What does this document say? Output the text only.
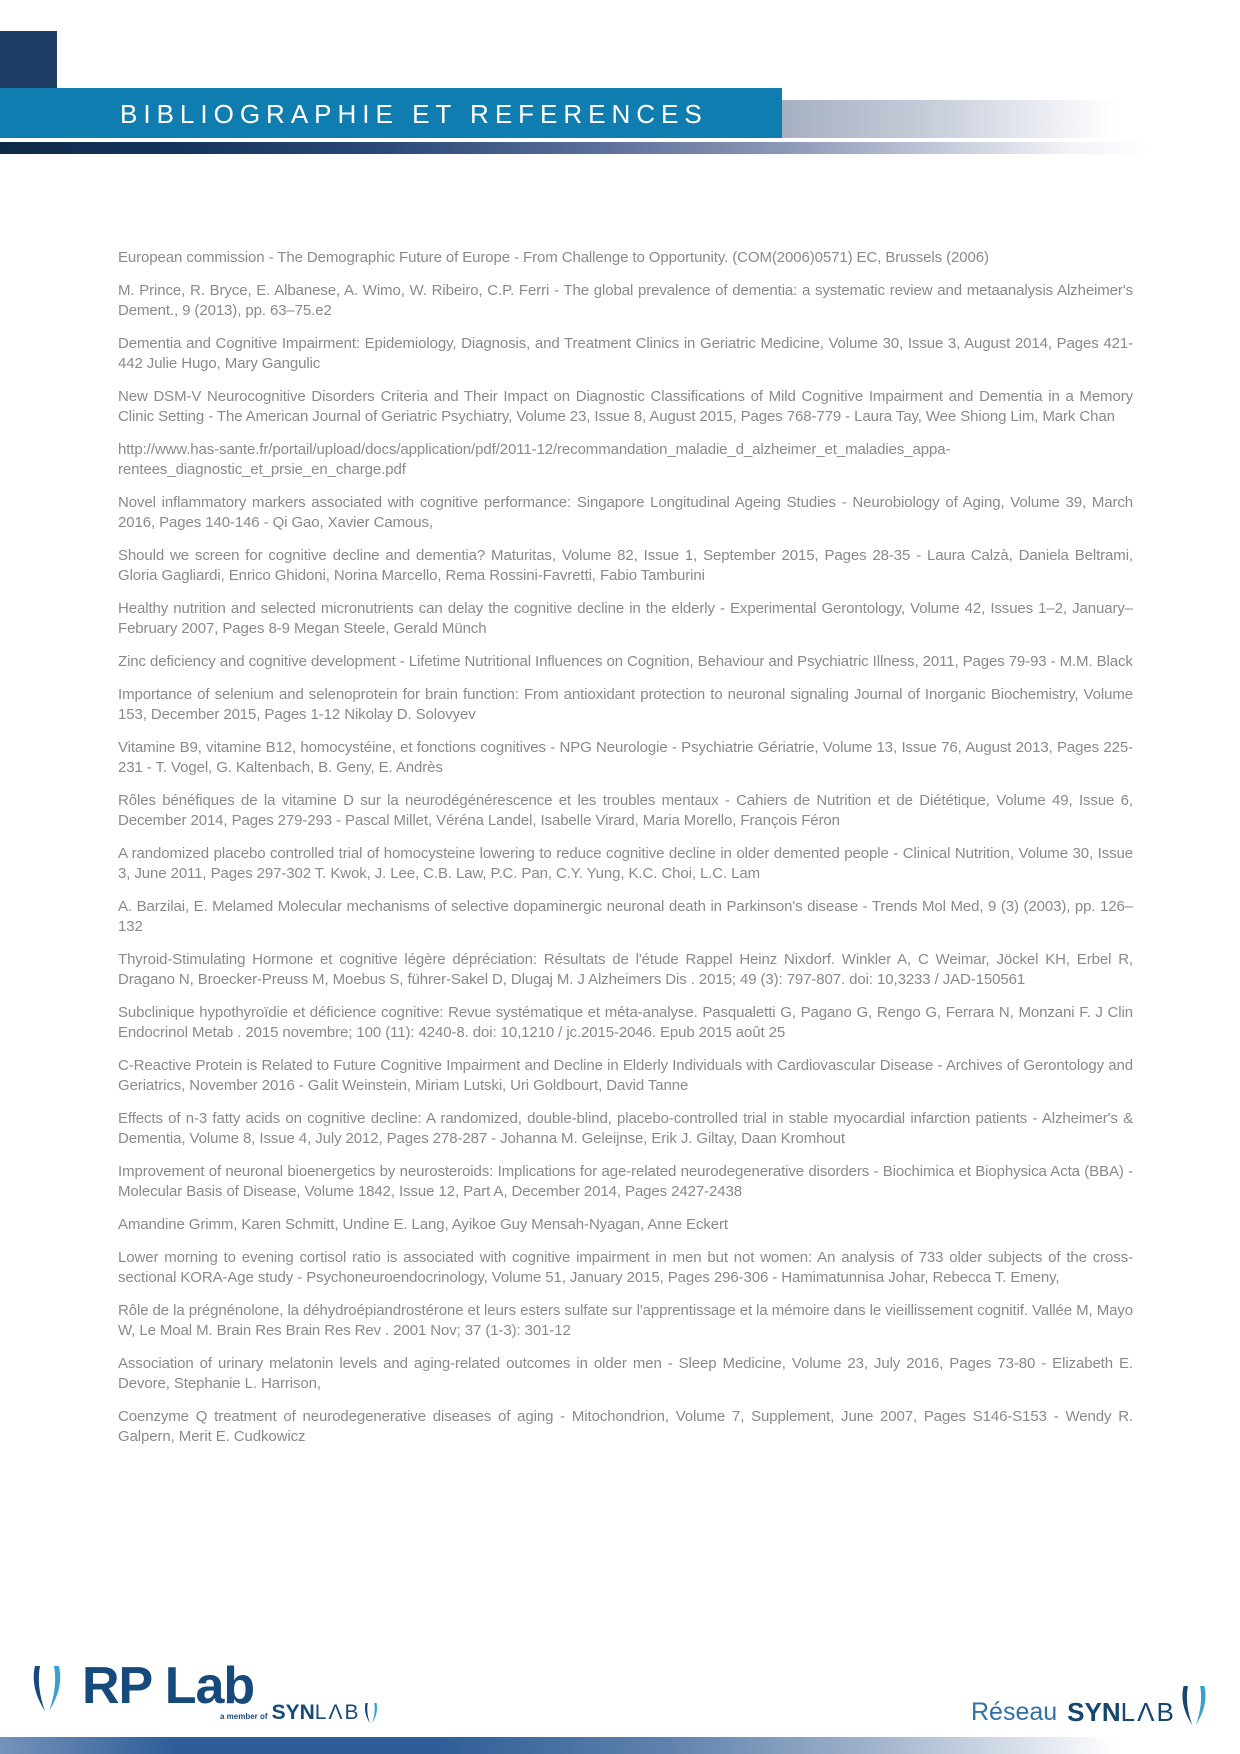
BIBLIOGRAPHIE ET REFERENCES

European commission - The Demographic Future of Europe - From Challenge to Opportunity. (COM(2006)0571) EC, Brussels (2006)

M. Prince, R. Bryce, E. Albanese, A. Wimo, W. Ribeiro, C.P. Ferri - The global prevalence of dementia: a systematic review and metaanalysis Alzheimer's Dement., 9 (2013), pp. 63–75.e2

Dementia and Cognitive Impairment: Epidemiology, Diagnosis, and Treatment Clinics in Geriatric Medicine, Volume 30, Issue 3, August 2014, Pages 421-442 Julie Hugo, Mary Gangulic

New DSM-V Neurocognitive Disorders Criteria and Their Impact on Diagnostic Classifications of Mild Cognitive Impairment and Dementia in a Memory Clinic Setting - The American Journal of Geriatric Psychiatry, Volume 23, Issue 8, August 2015, Pages 768-779 - Laura Tay, Wee Shiong Lim, Mark Chan

http://www.has-sante.fr/portail/upload/docs/application/pdf/2011-12/recommandation_maladie_d_alzheimer_et_maladies_appa-rentees_diagnostic_et_prsie_en_charge.pdf

Novel inflammatory markers associated with cognitive performance: Singapore Longitudinal Ageing Studies - Neurobiology of Aging, Volume 39, March 2016, Pages 140-146 - Qi Gao, Xavier Camous,

Should we screen for cognitive decline and dementia? Maturitas, Volume 82, Issue 1, September 2015, Pages 28-35 - Laura Calzà, Daniela Beltrami, Gloria Gagliardi, Enrico Ghidoni, Norina Marcello, Rema Rossini-Favretti, Fabio Tamburini

Healthy nutrition and selected micronutrients can delay the cognitive decline in the elderly - Experimental Gerontology, Volume 42, Issues 1–2, January–February 2007, Pages 8-9 Megan Steele, Gerald Münch

Zinc deficiency and cognitive development - Lifetime Nutritional Influences on Cognition, Behaviour and Psychiatric Illness, 2011, Pages 79-93 - M.M. Black

Importance of selenium and selenoprotein for brain function: From antioxidant protection to neuronal signaling Journal of Inorganic Biochemistry, Volume 153, December 2015, Pages 1-12 Nikolay D. Solovyev

Vitamine B9, vitamine B12, homocystéine, et fonctions cognitives - NPG Neurologie - Psychiatrie Gériatrie, Volume 13, Issue 76, August 2013, Pages 225-231 - T. Vogel, G. Kaltenbach, B. Geny, E. Andrès

Rôles bénéfiques de la vitamine D sur la neurodégénérescence et les troubles mentaux - Cahiers de Nutrition et de Diététique, Volume 49, Issue 6, December 2014, Pages 279-293 - Pascal Millet, Véréna Landel, Isabelle Virard, Maria Morello, François Féron

A randomized placebo controlled trial of homocysteine lowering to reduce cognitive decline in older demented people - Clinical Nutrition, Volume 30, Issue 3, June 2011, Pages 297-302 T. Kwok, J. Lee, C.B. Law, P.C. Pan, C.Y. Yung, K.C. Choi, L.C. Lam

A. Barzilai, E. Melamed Molecular mechanisms of selective dopaminergic neuronal death in Parkinson's disease - Trends Mol Med, 9 (3) (2003), pp. 126–132

Thyroid-Stimulating Hormone et cognitive légère dépréciation: Résultats de l'étude Rappel Heinz Nixdorf. Winkler A, C Weimar, Jöckel KH, Erbel R, Dragano N, Broecker-Preuss M, Moebus S, führer-Sakel D, Dlugaj M. J Alzheimers Dis . 2015; 49 (3): 797-807. doi: 10,3233 / JAD-150561

Subclinique hypothyroïdie et déficience cognitive: Revue systématique et méta-analyse. Pasqualetti G, Pagano G, Rengo G, Ferrara N, Monzani F. J Clin Endocrinol Metab . 2015 novembre; 100 (11): 4240-8. doi: 10,1210 / jc.2015-2046. Epub 2015 août 25

C-Reactive Protein is Related to Future Cognitive Impairment and Decline in Elderly Individuals with Cardiovascular Disease - Archives of Gerontology and Geriatrics, November 2016 - Galit Weinstein, Miriam Lutski, Uri Goldbourt, David Tanne

Effects of n-3 fatty acids on cognitive decline: A randomized, double-blind, placebo-controlled trial in stable myocardial infarction patients - Alzheimer's & Dementia, Volume 8, Issue 4, July 2012, Pages 278-287 - Johanna M. Geleijnse, Erik J. Giltay, Daan Kromhout

Improvement of neuronal bioenergetics by neurosteroids: Implications for age-related neurodegenerative disorders - Biochimica et Biophysica Acta (BBA) - Molecular Basis of Disease, Volume 1842, Issue 12, Part A, December 2014, Pages 2427-2438

Amandine Grimm, Karen Schmitt, Undine E. Lang, Ayikoe Guy Mensah-Nyagan, Anne Eckert

Lower morning to evening cortisol ratio is associated with cognitive impairment in men but not women: An analysis of 733 older subjects of the cross-sectional KORA-Age study - Psychoneuroendocrinology, Volume 51, January 2015, Pages 296-306 - Hamimatunnisa Johar, Rebecca T. Emeny,

Rôle de la prégnénolone, la déhydroépiandrostérone et leurs esters sulfate sur l'apprentissage et la mémoire dans le vieillissement cognitif. Vallée M, Mayo W, Le Moal M. Brain Res Brain Res Rev . 2001 Nov; 37 (1-3): 301-12

Association of urinary melatonin levels and aging-related outcomes in older men - Sleep Medicine, Volume 23, July 2016, Pages 73-80 - Elizabeth E. Devore, Stephanie L. Harrison,

Coenzyme Q treatment of neurodegenerative diseases of aging - Mitochondrion, Volume 7, Supplement, June 2007, Pages S146-S153 - Wendy R. Galpern, Merit E. Cudkowicz

RP Lab
a member of SYN LΛB	Réseau SYN LΛB
